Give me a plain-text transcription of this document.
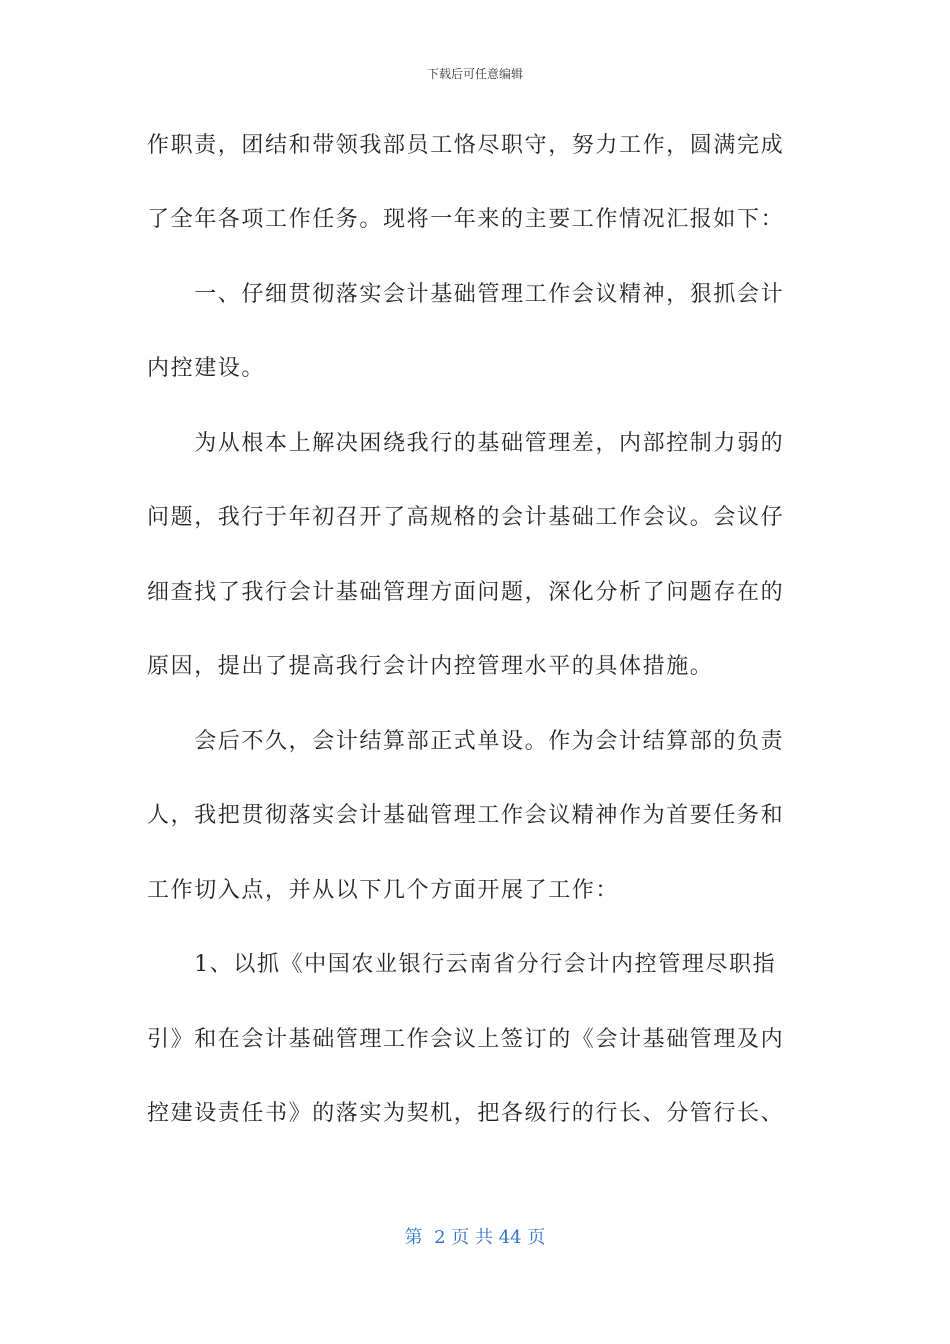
下载后可任意编辑
作职责，团结和带领我部员工恪尽职守，努力工作，圆满完成
了全年各项工作任务。现将一年来的主要工作情况汇报如下：
　　一、仔细贯彻落实会计基础管理工作会议精神，狠抓会计
内控建设。
　　为从根本上解决困绕我行的基础管理差，内部控制力弱的
问题，我行于年初召开了高规格的会计基础工作会议。会议仔
细查找了我行会计基础管理方面问题，深化分析了问题存在的
原因，提出了提高我行会计内控管理水平的具体措施。
　　会后不久，会计结算部正式单设。作为会计结算部的负责
人，我把贯彻落实会计基础管理工作会议精神作为首要任务和
工作切入点，并从以下几个方面开展了工作：
　　1、以抓《中国农业银行云南省分行会计内控管理尽职指
引》和在会计基础管理工作会议上签订的《会计基础管理及内
控建设责任书》的落实为契机，把各级行的行长、分管行长、
第  2 页 共 44 页
